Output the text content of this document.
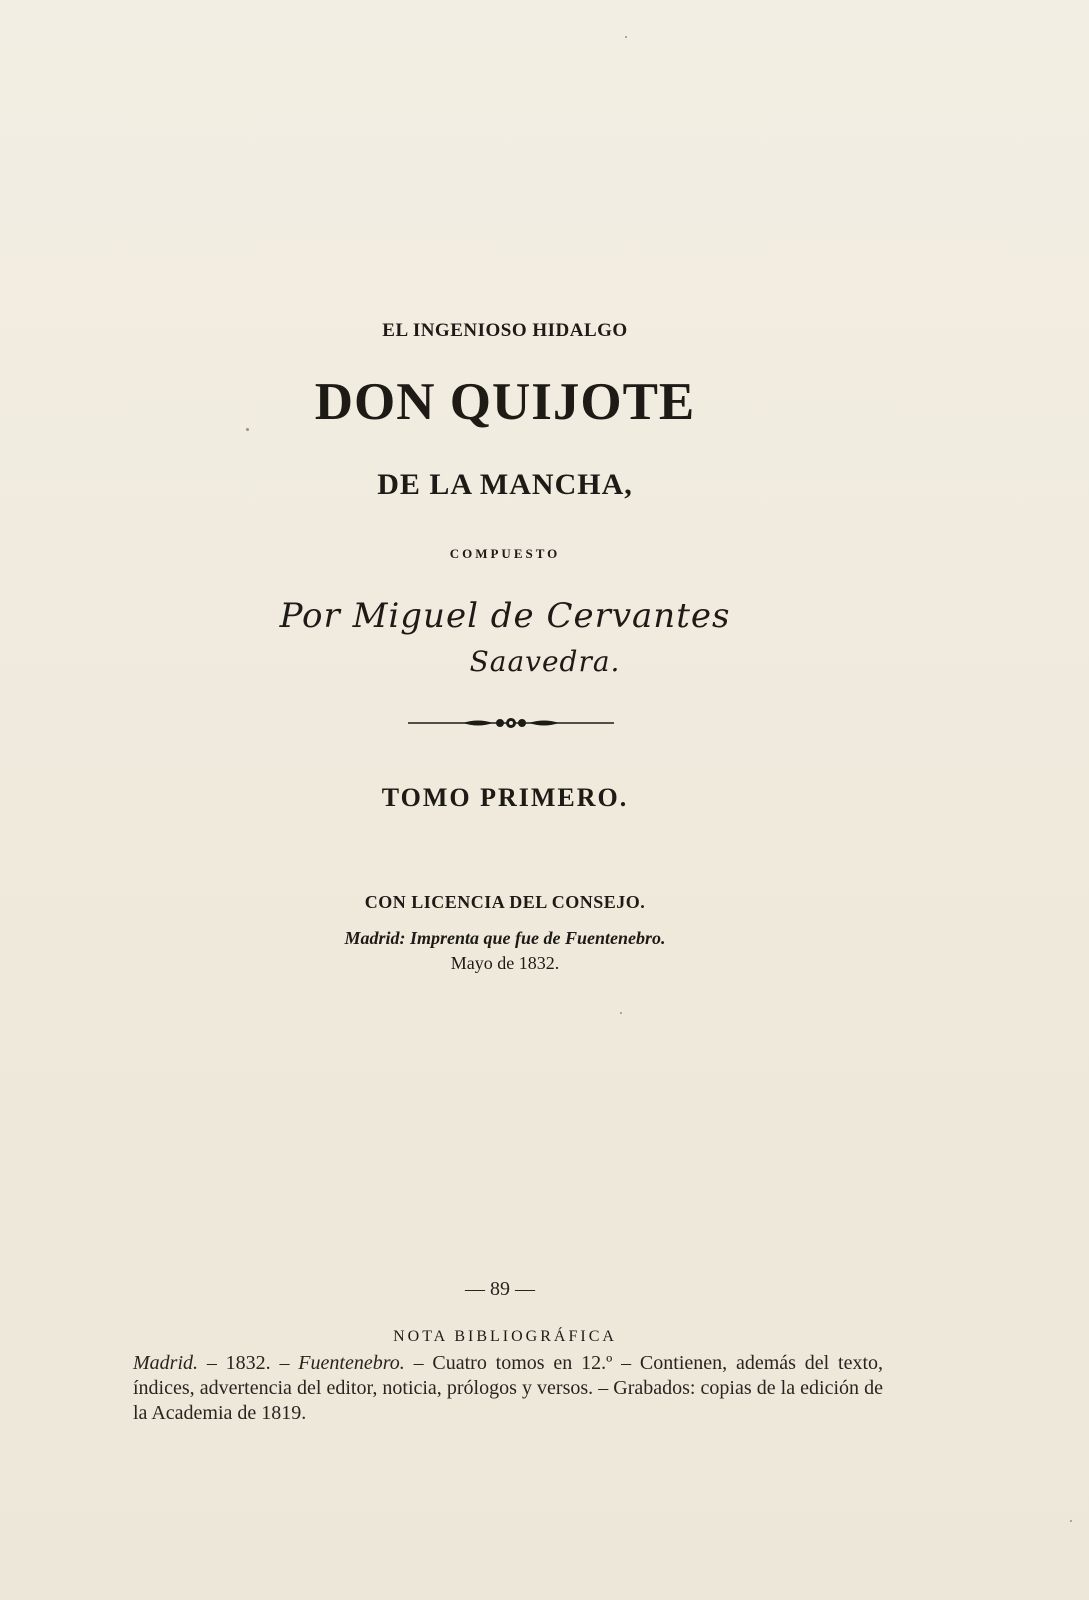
EL INGENIOSO HIDALGO
DON QUIJOTE
DE LA MANCHA,
COMPUESTO
Por Miguel de Cervantes
Saavedra.
TOMO PRIMERO.
CON LICENCIA DEL CONSEJO.
Madrid: Imprenta que fue de Fuentenebro.
Mayo de 1832.
— 89 —
NOTA BIBLIOGRÁFICA
Madrid. – 1832. – Fuentenebro. – Cuatro tomos en 12.º – Contienen, además del texto, índices, advertencia del editor, noticia, prólogos y versos. – Grabados: copias de la edición de la Academia de 1819.
